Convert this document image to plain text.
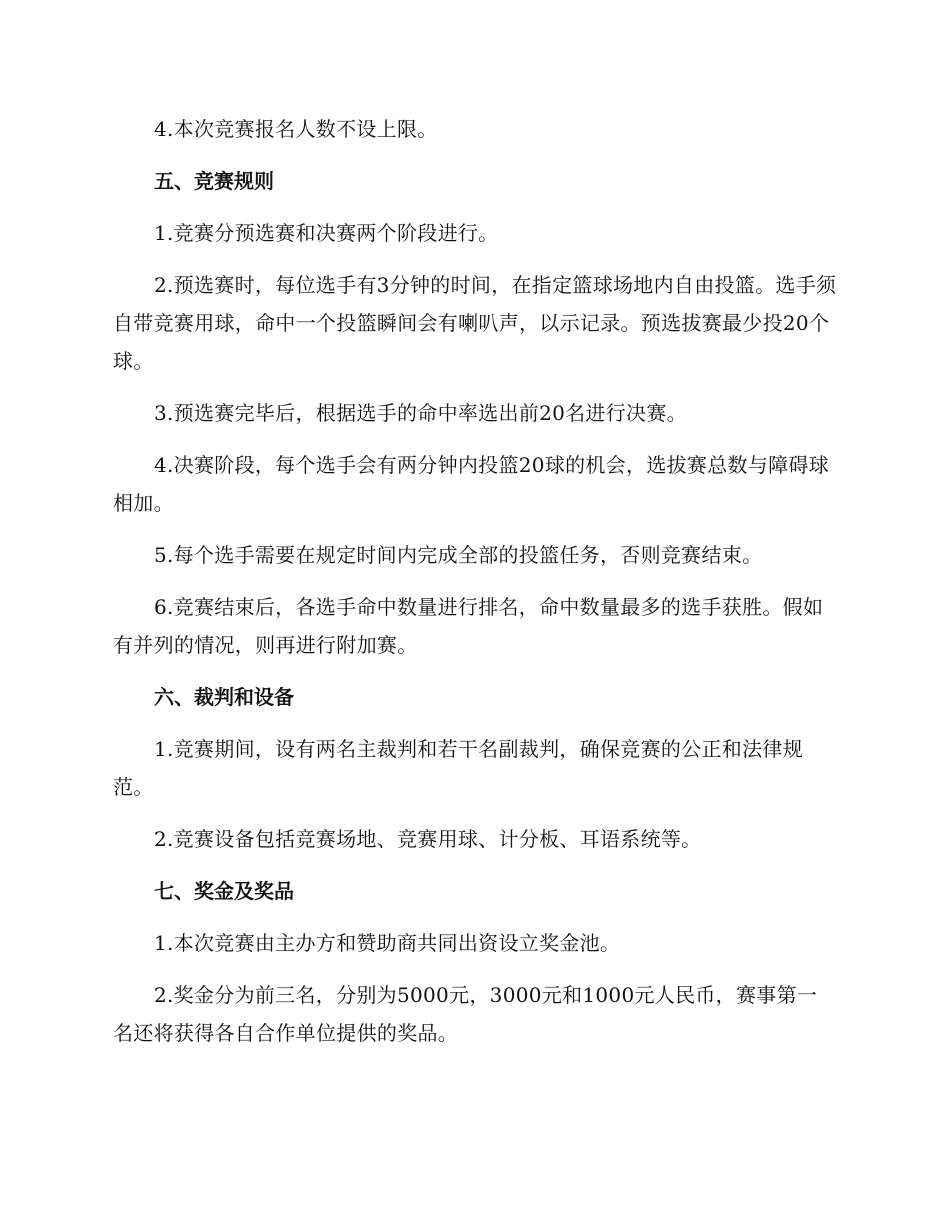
4.本次竞赛报名人数不设上限。

五、竞赛规则

1.竞赛分预选赛和决赛两个阶段进行。

2.预选赛时，每位选手有3分钟的时间，在指定篮球场地内自由投篮。选手须自带竞赛用球，命中一个投篮瞬间会有喇叭声，以示记录。预选拔赛最少投20个球。

3.预选赛完毕后，根据选手的命中率选出前20名进行决赛。

4.决赛阶段，每个选手会有两分钟内投篮20球的机会，选拔赛总数与障碍球相加。

5.每个选手需要在规定时间内完成全部的投篮任务，否则竞赛结束。

6.竞赛结束后，各选手命中数量进行排名，命中数量最多的选手获胜。假如有并列的情况，则再进行附加赛。

六、裁判和设备

1.竞赛期间，设有两名主裁判和若干名副裁判，确保竞赛的公正和法律规范。

2.竞赛设备包括竞赛场地、竞赛用球、计分板、耳语系统等。

七、奖金及奖品

1.本次竞赛由主办方和赞助商共同出资设立奖金池。

2.奖金分为前三名，分别为5000元，3000元和1000元人民币，赛事第一名还将获得各自合作单位提供的奖品。
